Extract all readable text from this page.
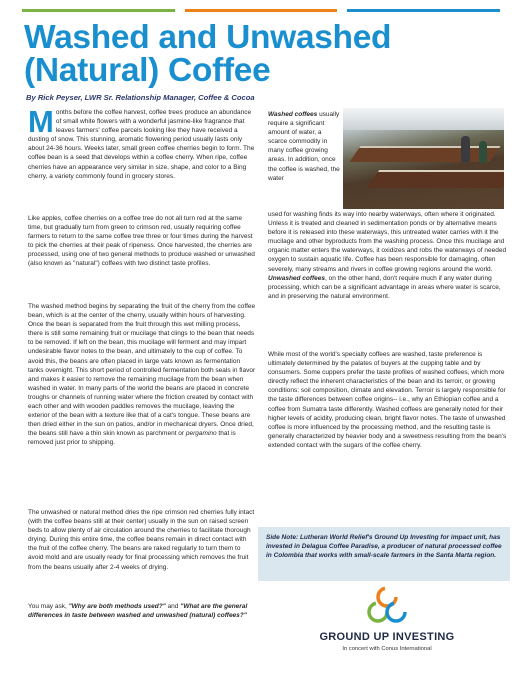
Washed and Unwashed
(Natural) Coffee
By Rick Peyser, LWR Sr. Relationship Manager, Coffee & Cocoa

Months before the coffee harvest, coffee trees produce an abundance of small white flowers with a wonderful jasmine-like fragrance that leaves farmers' coffee parcels looking like they have received a dusting of snow. This stunning, aromatic flowering period usually lasts only about 24-36 hours. Weeks later, small green coffee cherries begin to form. The coffee bean is a seed that develops within a coffee cherry. When ripe, coffee cherries have an appearance very similar in size, shape, and color to a Bing cherry, a variety commonly found in grocery stores.

Like apples, coffee cherries on a coffee tree do not all turn red at the same time, but gradually turn from green to crimson red, usually requiring coffee farmers to return to the same coffee tree three or four times during the harvest to pick the cherries at their peak of ripeness. Once harvested, the cherries are processed, using one of two general methods to produce washed or unwashed (also known as "natural") coffees with two distinct taste profiles.

The washed method begins by separating the fruit of the cherry from the coffee bean, which is at the center of the cherry, usually within hours of harvesting. Once the bean is separated from the fruit through this wet milling process, there is still some remaining fruit or mucilage that clings to the bean that needs to be removed. If left on the bean, this mucilage will ferment and may impart undesirable flavor notes to the bean, and ultimately to the cup of coffee. To avoid this, the beans are often placed in large vats known as fermentation tanks overnight. This short period of controlled fermentation both seals in flavor and makes it easier to remove the remaining mucilage from the bean when washed in water. In many parts of the world the beans are placed in concrete troughs or channels of running water where the friction created by contact with each other and with wooden paddles removes the mucilage, leaving the exterior of the bean with a texture like that of a cat's tongue. These beans are then dried either in the sun on patios, and/or in mechanical dryers. Once dried, the beans still have a thin skin known as parchment or pergamino that is removed just prior to shipping.

The unwashed or natural method dries the ripe crimson red cherries fully intact (with the coffee beans still at their center) usually in the sun on raised screen beds to allow plenty of air circulation around the cherries to facilitate thorough drying. During this entire time, the coffee beans remain in direct contact with the fruit of the coffee cherry. The beans are raked regularly to turn them to avoid mold and are usually ready for final processing which removes the fruit from the beans usually after 2-4 weeks of drying.

You may ask, "Why are both methods used?" and "What are the general differences in taste between washed and unwashed (natural) coffees?"

Washed coffees usually require a significant amount of water, a scarce commodity in many coffee growing areas. In addition, once the coffee is washed, the water

used for washing finds its way into nearby waterways, often where it originated. Unless it is treated and cleaned in sedimentation ponds or by alternative means before it is released into these waterways, this untreated water carries with it the mucilage and other byproducts from the washing process. Once this mucilage and organic matter enters the waterways, it oxidizes and robs the waterways of needed oxygen to sustain aquatic life. Coffee has been responsible for damaging, often severely, many streams and rivers in coffee growing regions around the world. Unwashed coffees, on the other hand, don't require much if any water during processing, which can be a significant advantage in areas where water is scarce, and in preserving the natural environment.

While most of the world's specialty coffees are washed, taste preference is ultimately determined by the palates of buyers at the cupping table and by consumers. Some cuppers prefer the taste profiles of washed coffees, which more directly reflect the inherent characteristics of the bean and its terroir, or growing conditions: soil composition, climate and elevation. Terroir is largely responsible for the taste differences between coffee origins-- i.e., why an Ethiopian coffee and a coffee from Sumatra taste differently. Washed coffees are generally noted for their higher levels of acidity, producing clean, bright flavor notes. The taste of unwashed coffee is more influenced by the processing method, and the resulting taste is generally characterized by heavier body and a sweetness resulting from the bean's extended contact with the sugars of the coffee cherry.

Side Note: Lutheran World Relief's Ground Up Investing for impact unit, has invested in Delagua Coffee Paradise, a producer of natural processed coffee in Colombia that works with small-scale farmers in the Santa Marta region.

GROUND UP INVESTING
In concert with Conus International
